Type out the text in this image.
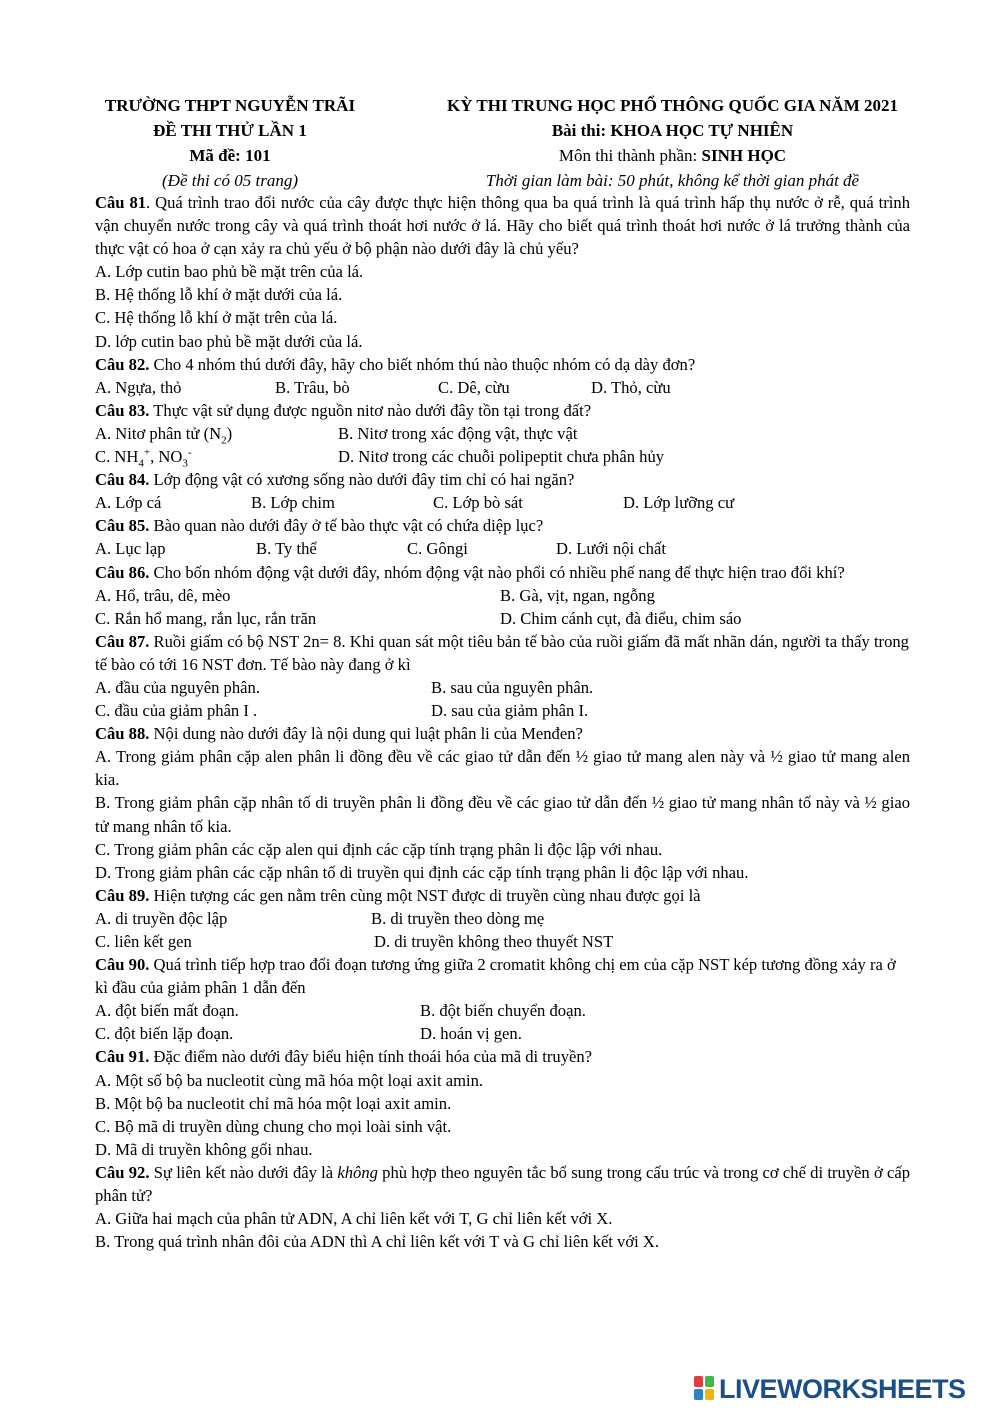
TRƯỜNG THPT NGUYỄN TRÃI
ĐỀ THI THỬ LẦN 1
Mã đề: 101
(Đề thi có 05 trang)
KỲ THI TRUNG HỌC PHỔ THÔNG QUỐC GIA NĂM 2021
Bài thi: KHOA HỌC TỰ NHIÊN
Môn thi thành phần: SINH HỌC
Thời gian làm bài: 50 phút, không kể thời gian phát đề
Câu 81. Quá trình trao đổi nước của cây được thực hiện thông qua ba quá trình là quá trình hấp thụ nước ở rễ, quá trình vận chuyển nước trong cây và quá trình thoát hơi nước ở lá. Hãy cho biết quá trình thoát hơi nước ở lá trưởng thành của thực vật có hoa ở cạn xảy ra chủ yếu ở bộ phận nào dưới đây là chủ yếu?
A. Lớp cutin bao phủ bề mặt trên của lá.
B. Hệ thống lỗ khí ở mặt dưới của lá.
C. Hệ thống lỗ khí ở mặt trên của lá.
D. lớp cutin bao phủ bề mặt dưới của lá.
Câu 82. Cho 4 nhóm thú dưới đây, hãy cho biết nhóm thú nào thuộc nhóm có dạ dày đơn?
A. Ngựa, thỏ	B. Trâu, bò	C. Dê, cừu	D. Thỏ, cừu
Câu 83. Thực vật sử dụng được nguồn nitơ nào dưới đây tồn tại trong đất?
A. Nitơ phân tử $(N_2)$	B. Nitơ trong xác động vật, thực vật
C. $NH_4^+$, $NO_3^-$	D. Nitơ trong các chuỗi polipeptit chưa phân hủy
Câu 84. Lớp động vật có xương sống nào dưới đây tim chỉ có hai ngăn?
A. Lớp cá	B. Lớp chim	C. Lớp bò sát	D. Lớp lưỡng cư
Câu 85. Bào quan nào dưới đây ở tế bào thực vật có chứa diệp lục?
A. Lục lạp	B. Ty thể	C. Gôngi	D. Lưới nội chất
Câu 86. Cho bốn nhóm động vật dưới đây, nhóm động vật nào phổi có nhiều phế nang để thực hiện trao đổi khí?
A. Hổ, trâu, dê, mèo	B. Gà, vịt, ngan, ngỗng
C. Rắn hổ mang, rắn lục, rắn trăn	D. Chim cánh cụt, đà điểu, chim sáo
Câu 87. Ruồi giấm có bộ NST 2n= 8. Khi quan sát một tiêu bản tế bào của ruồi giấm đã mất nhãn dán, người ta thấy trong tế bào có tới 16 NST đơn. Tế bào này đang ở kì
A. đầu của nguyên phân.	B. sau của nguyên phân.
C. đầu của giảm phân I .	D. sau của giảm phân I.
Câu 88. Nội dung nào dưới đây là nội dung qui luật phân li của Menđen?
A. Trong giảm phân cặp alen phân li đồng đều về các giao tử dẫn đến ½ giao tử mang alen này và ½ giao tử mang alen kia.
B. Trong giảm phân cặp nhân tố di truyền phân li đồng đều về các giao tử dẫn đến ½ giao tử mang nhân tố này và ½ giao tử mang nhân tố kia.
C. Trong giảm phân các cặp alen qui định các cặp tính trạng phân li độc lập với nhau.
D. Trong giảm phân các cặp nhân tố di truyền qui định các cặp tính trạng phân li độc lập với nhau.
Câu 89. Hiện tượng các gen nằm trên cùng một NST được di truyền cùng nhau được gọi là
A. di truyền độc lập	B. di truyền theo dòng mẹ
C. liên kết gen	D. di truyền không theo thuyết NST
Câu 90. Quá trình tiếp hợp trao đổi đoạn tương ứng giữa 2 cromatit không chị em của cặp NST kép tương đồng xảy ra ở kì đầu của giảm phân 1 dẫn đến
A. đột biến mất đoạn.	B. đột biến chuyển đoạn.
C. đột biến lặp đoạn.	D. hoán vị gen.
Câu 91. Đặc điểm nào dưới đây biểu hiện tính thoái hóa của mã di truyền?
A. Một số bộ ba nucleotit cùng mã hóa một loại axit amin.
B. Một bộ ba nucleotit chỉ mã hóa một loại axit amin.
C. Bộ mã di truyền dùng chung cho mọi loài sinh vật.
D. Mã di truyền không gối nhau.
Câu 92. Sự liên kết nào dưới đây là không phù hợp theo nguyên tắc bổ sung trong cấu trúc và trong cơ chế di truyền ở cấp phân tử?
A. Giữa hai mạch của phân tử ADN, A chỉ liên kết với T, G chỉ liên kết với X.
B. Trong quá trình nhân đôi của ADN thì A chỉ liên kết với T và G chỉ liên kết với X.
LIVEWORKSHEETS
